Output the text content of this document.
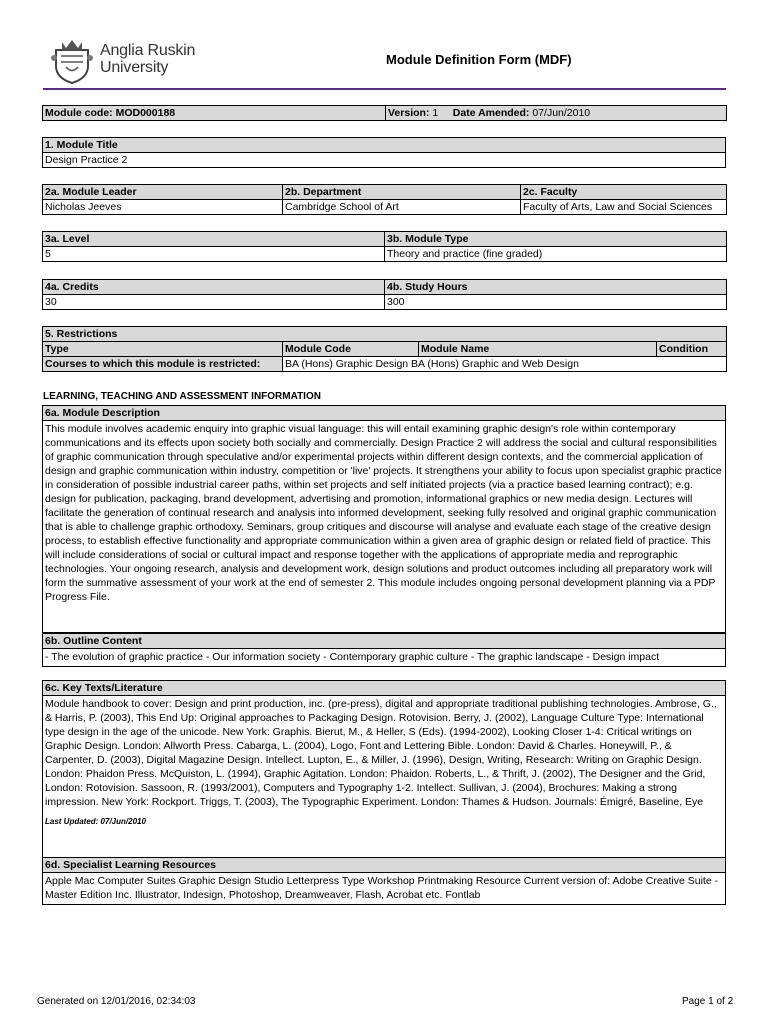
Anglia Ruskin
University	Module Definition Form (MDF)
Module code: MOD000188	Version: 1 Date Amended: 07/Jun/2010
1. Module Title
Design Practice 2
2a. Module Leader	2b. Department	2c. Faculty
Nicholas Jeeves	Cambridge School of Art	Faculty of Arts, Law and Social Sciences
3a. Level	3b. Module Type
5	Theory and practice (fine graded)
4a. Credits	4b. Study Hours
30	300
5. Restrictions			
Type	Module Code	Module Name	Condition
Courses to which this module is restricted:	BA (Hons) Graphic Design BA (Hons) Graphic and Web Design		
LEARNING, TEACHING AND ASSESSMENT INFORMATION
6a. Module Description
This module involves academic enquiry into graphic visual language: this will entail examining graphic design's role within contemporary communications and its effects upon society both socially and commercially. Design Practice 2 will address the social and cultural responsibilities of graphic communication through speculative and/or experimental projects within different design contexts, and the commercial application of design and graphic communication within industry, competition or 'live' projects. It strengthens your ability to focus upon specialist graphic practice in consideration of possible industrial career paths, within set projects and self initiated projects (via a practice based learning contract); e.g. design for publication, packaging, brand development, advertising and promotion, informational graphics or new media design. Lectures will facilitate the generation of continual research and analysis into informed development, seeking fully resolved and original graphic communication that is able to challenge graphic orthodoxy. Seminars, group critiques and discourse will analyse and evaluate each stage of the creative design process, to establish effective functionality and appropriate communication within a given area of graphic design or related field of practice. This will include considerations of social or cultural impact and response together with the applications of appropriate media and reprographic technologies. Your ongoing research, analysis and development work, design solutions and product outcomes including all preparatory work will form the summative assessment of your work at the end of semester 2. This module includes ongoing personal development planning via a PDP Progress File.
6b. Outline Content
- The evolution of graphic practice - Our information society - Contemporary graphic culture - The graphic landscape - Design impact
6c. Key Texts/Literature
Module handbook to cover: Design and print production, inc. (pre-press), digital and appropriate traditional publishing technologies. Ambrose, G., & Harris, P. (2003), This End Up: Original approaches to Packaging Design. Rotovision. Berry, J. (2002), Language Culture Type: International type design in the age of the unicode. New York: Graphis. Bierut, M., & Heller, S (Eds). (1994-2002), Looking Closer 1-4: Critical writings on Graphic Design. London: Allworth Press. Cabarga, L. (2004), Logo, Font and Lettering Bible. London: David & Charles. Honeywill, P., & Carpenter, D. (2003), Digital Magazine Design. Intellect. Lupton, E., & Miller, J. (1996), Design, Writing, Research: Writing on Graphic Design. London: Phaidon Press. McQuiston, L. (1994), Graphic Agitation. London: Phaidon. Roberts, L., & Thrift, J. (2002), The Designer and the Grid, London: Rotovision. Sassoon, R. (1993/2001), Computers and Typography 1-2. Intellect. Sullivan, J. (2004), Brochures: Making a strong impression. New York: Rockport. Triggs, T. (2003), The Typographic Experiment. London: Thames & Hudson. Journals: Émigré, Baseline, Eye
Last Updated: 07/Jun/2010
6d. Specialist Learning Resources
Apple Mac Computer Suites Graphic Design Studio Letterpress Type Workshop Printmaking Resource Current version of: Adobe Creative Suite - Master Edition Inc. Illustrator, Indesign, Photoshop, Dreamweaver, Flash, Acrobat etc. Fontlab
Generated on 12/01/2016, 02:34:03	Page 1 of 2
